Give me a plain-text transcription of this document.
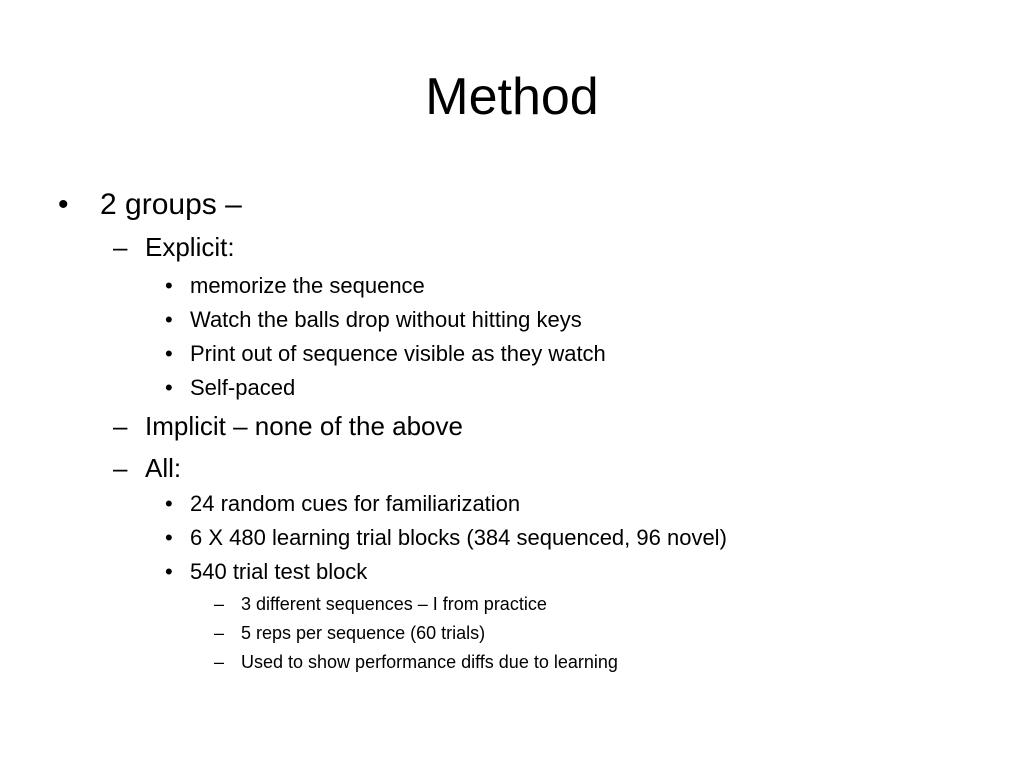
Method
• 2 groups –
– Explicit:
• memorize the sequence
• Watch the balls drop without hitting keys
• Print out of sequence visible as they watch
• Self-paced
– Implicit – none of the above
– All:
• 24 random cues for familiarization
• 6 X 480 learning trial blocks (384 sequenced, 96 novel)
• 540 trial test block
– 3 different sequences – I from practice
– 5 reps per sequence (60 trials)
– Used to show performance diffs due to learning
